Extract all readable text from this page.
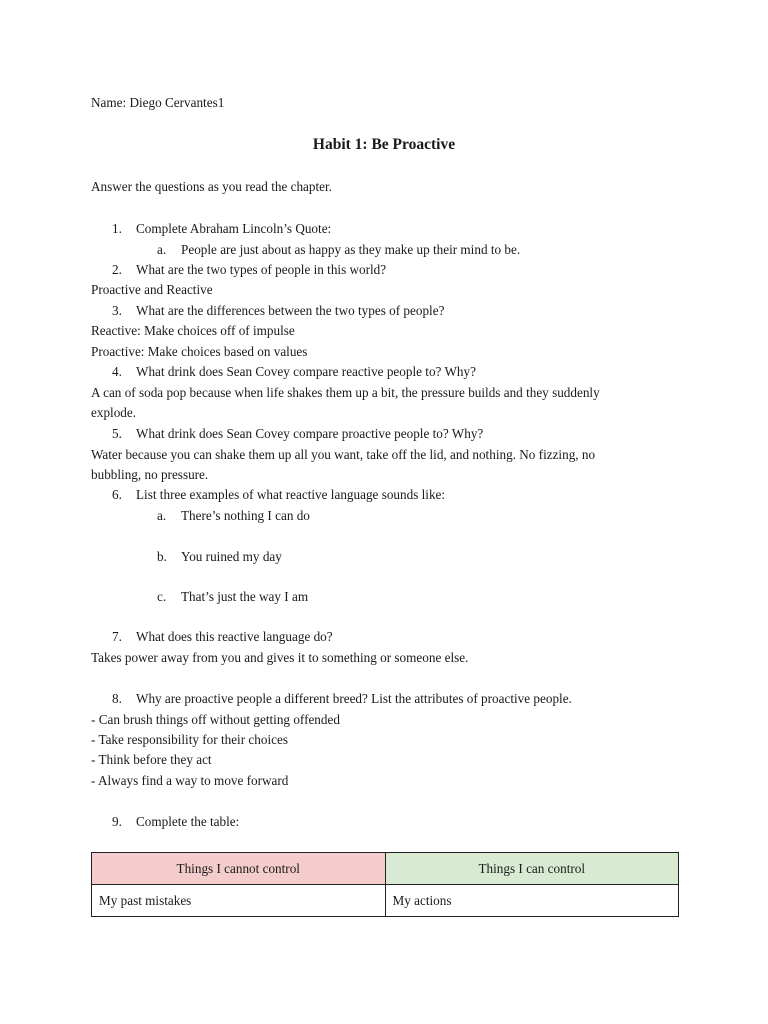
Name: Diego Cervantes1
Habit 1: Be Proactive
Answer the questions as you read the chapter.
1. Complete Abraham Lincoln’s Quote:
a. People are just about as happy as they make up their mind to be.
2. What are the two types of people in this world?
Proactive and Reactive
3. What are the differences between the two types of people?
Reactive: Make choices off of impulse
Proactive: Make choices based on values
4. What drink does Sean Covey compare reactive people to? Why?
A can of soda pop because when life shakes them up a bit, the pressure builds and they suddenly
explode.
5. What drink does Sean Covey compare proactive people to? Why?
Water because you can shake them up all you want, take off the lid, and nothing. No fizzing, no
bubbling, no pressure.
6. List three examples of what reactive language sounds like:
a. There’s nothing I can do
b. You ruined my day
c. That’s just the way I am
7. What does this reactive language do?
Takes power away from you and gives it to something or someone else.
8. Why are proactive people a different breed? List the attributes of proactive people.
- Can brush things off without getting offended
- Take responsibility for their choices
- Think before they act
- Always find a way to move forward
9. Complete the table:
Things I cannot control	Things I can control
My past mistakes	My actions
